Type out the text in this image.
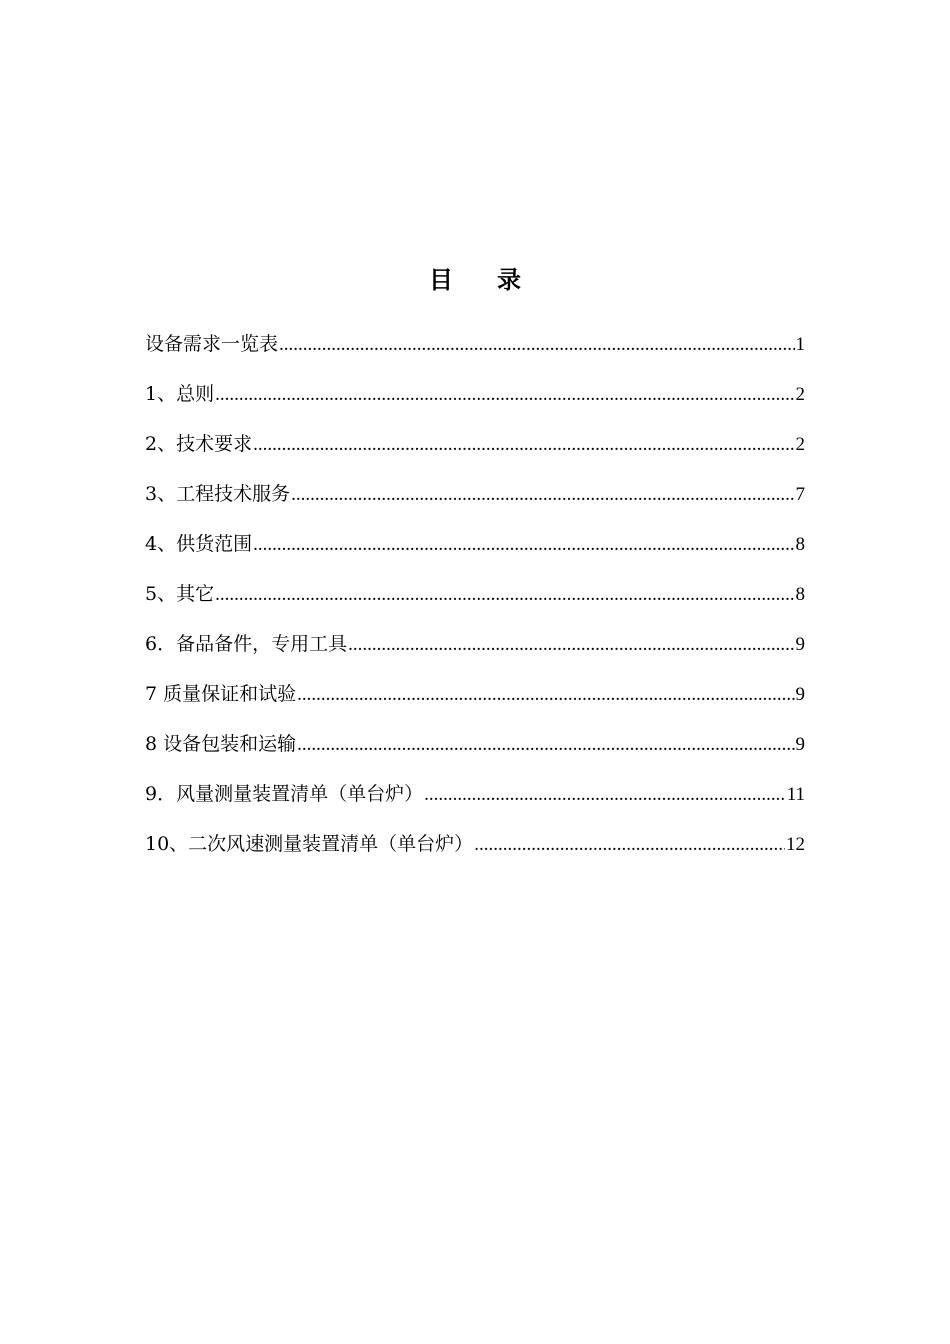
目录
设备需求一览表 .....	1
1、总则 .....	2
2、技术要求 .....	2
3、工程技术服务 .....	7
4、供货范围 .....	8
5、其它 .....	8
6．备品备件，专用工具 .....	9
7 质量保证和试验 .....	9
8 设备包装和运输 .....	9
9．风量测量装置清单（单台炉） .....	11
10、二次风速测量装置清单（单台炉） .....	12
